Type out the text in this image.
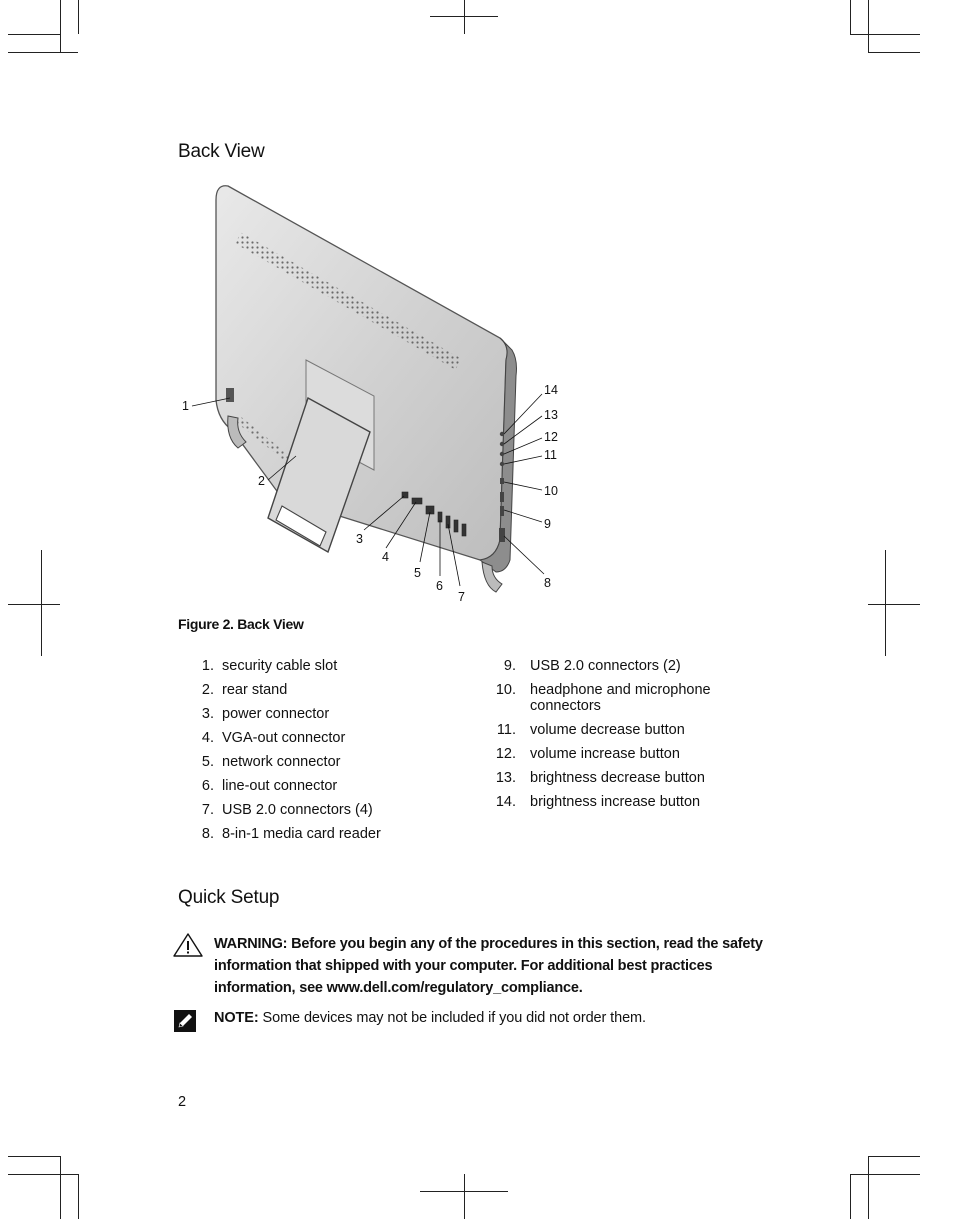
Back View
1
2
3
4
5
6
7
8
9
10
11
12
13
14
Figure 2. Back View
1. security cable slot
2. rear stand
3. power connector
4. VGA-out connector
5. network connector
6. line-out connector
7. USB 2.0 connectors (4)
8. 8-in-1 media card reader
9. USB 2.0 connectors (2)
10. headphone and microphone connectors
11. volume decrease button
12. volume increase button
13. brightness decrease button
14. brightness increase button
Quick Setup
WARNING: Before you begin any of the procedures in this section, read the safety information that shipped with your computer. For additional best practices information, see www.dell.com/regulatory_compliance.
NOTE: Some devices may not be included if you did not order them.
2
